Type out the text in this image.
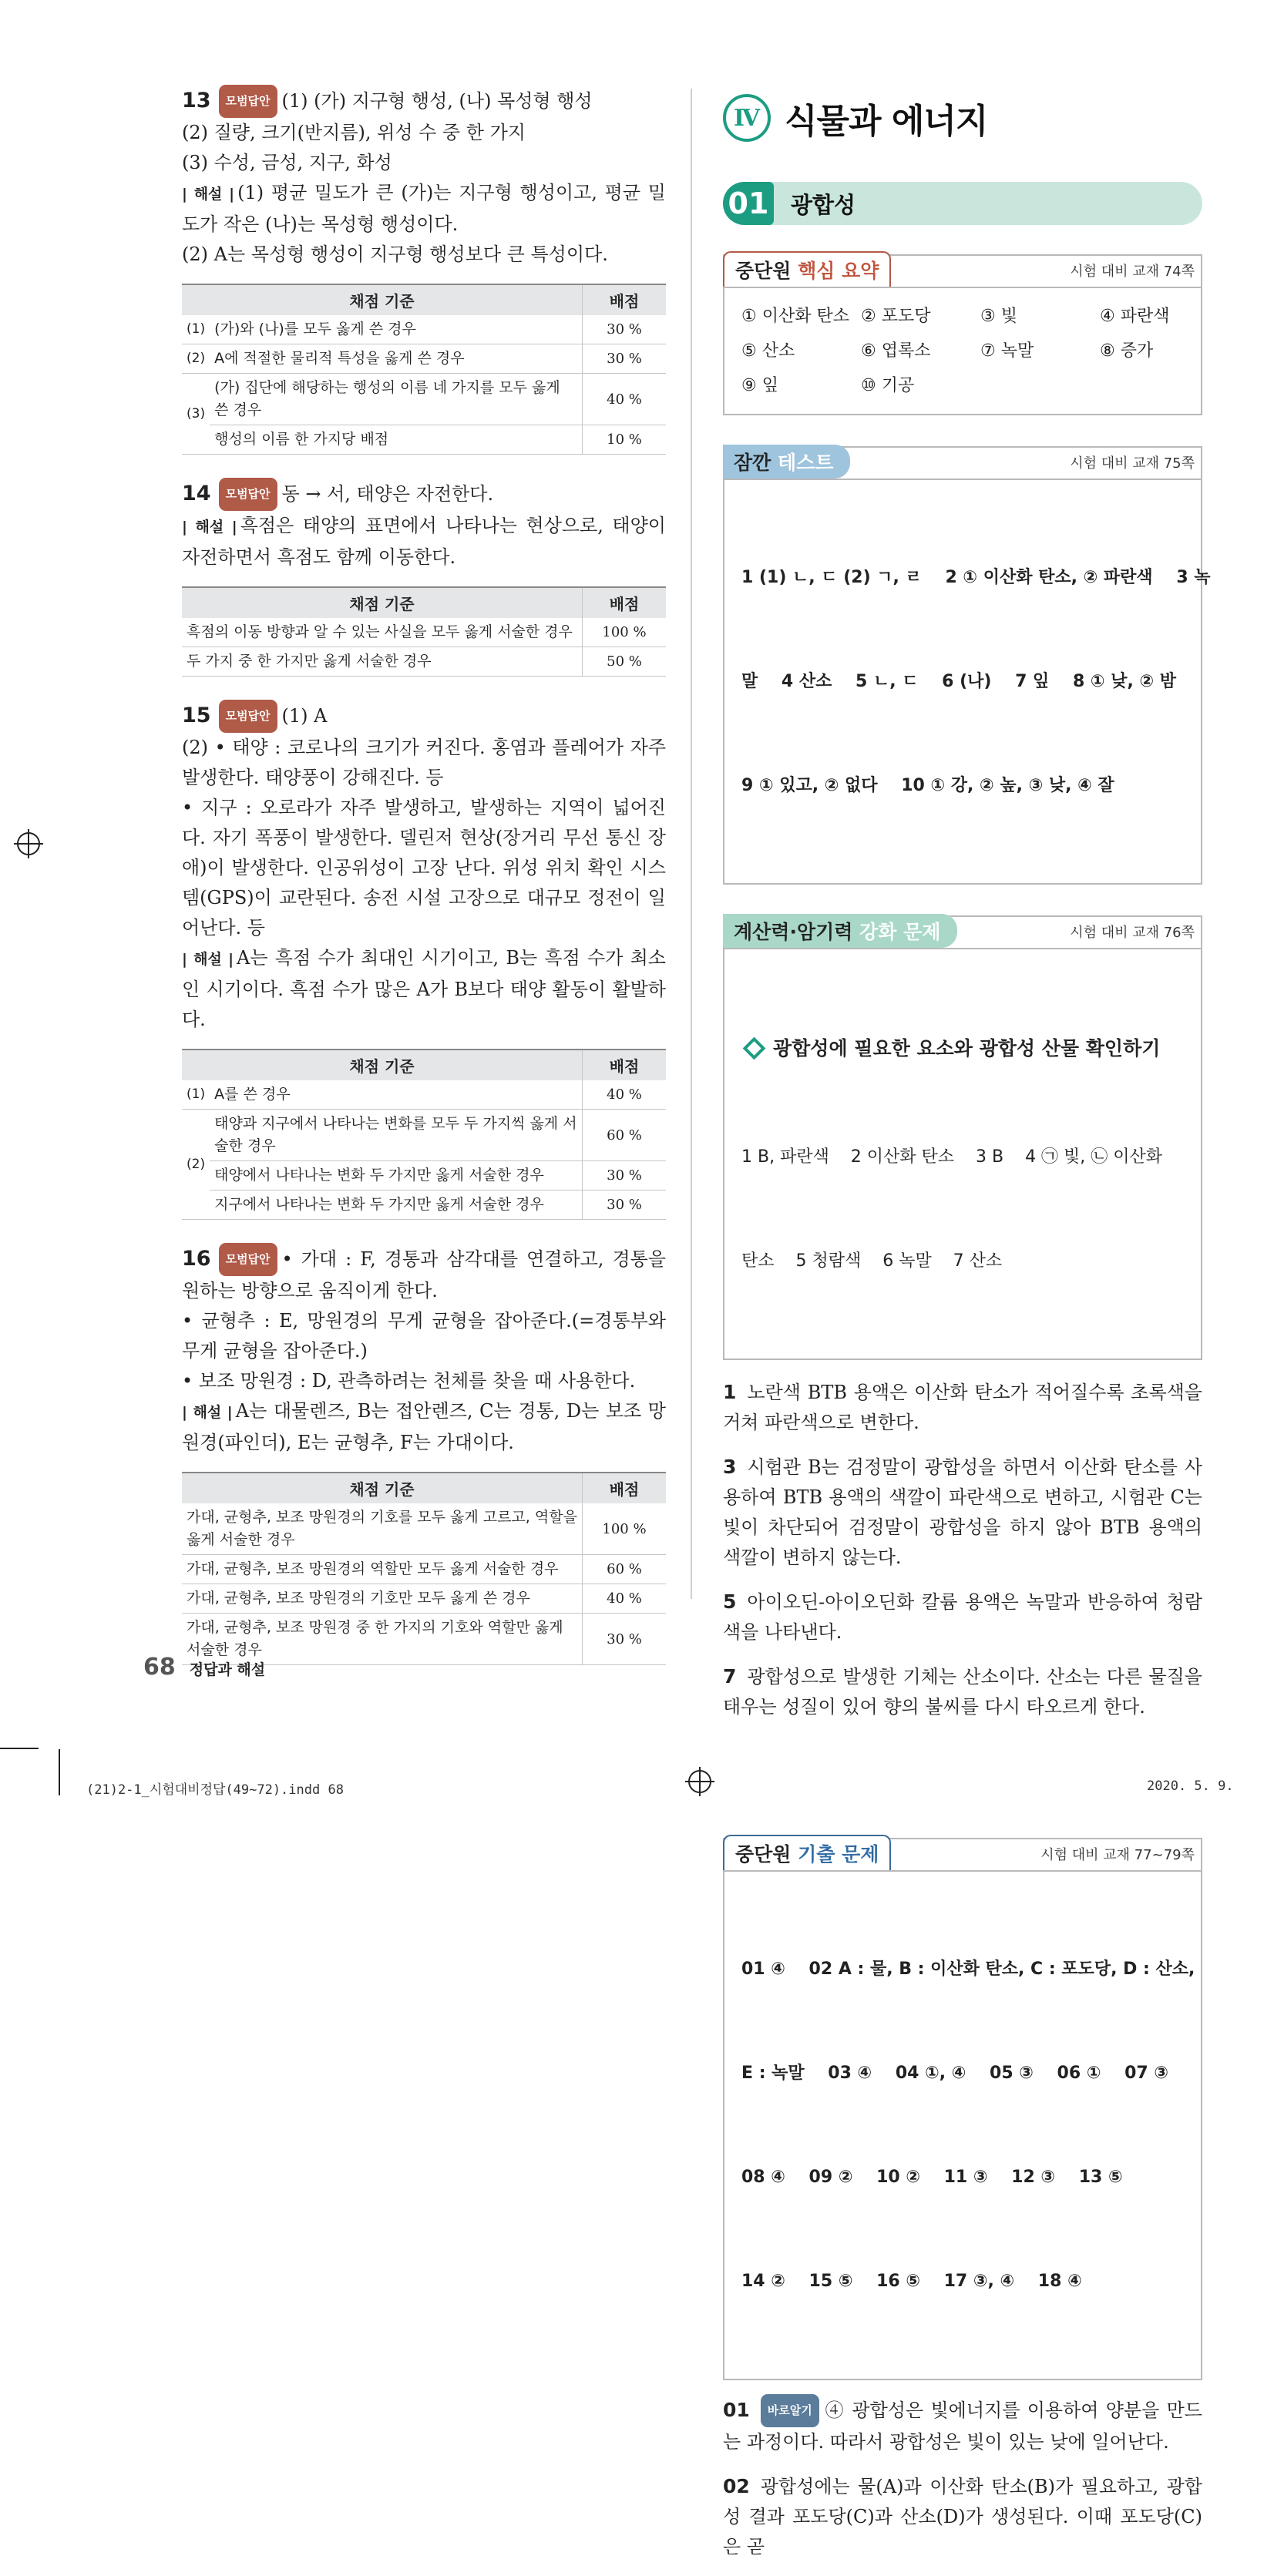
13 모범답안 (1) (가) 지구형 행성, (나) 목성형 행성

(2) 질량, 크기(반지름), 위성 수 중 한 가지

(3) 수성, 금성, 지구, 화성

| 해설 | (1) 평균 밀도가 큰 (가)는 지구형 행성이고, 평균 밀도가 작은 (나)는 목성형 행성이다.

(2) A는 목성형 행성이 지구형 행성보다 큰 특성이다.

채점 기준		배점
(1)	(가)와 (나)를 모두 옳게 쓴 경우	30 %
(2)	A에 적절한 물리적 특성을 옳게 쓴 경우	30 %
(3)	(가) 집단에 해당하는 행성의 이름 네 가지를 모두 옳게 쓴 경우	40 %
	행성의 이름 한 가지당 배점	10 %

14 모범답안 동 → 서, 태양은 자전한다.

| 해설 | 흑점은 태양의 표면에서 나타나는 현상으로, 태양이 자전하면서 흑점도 함께 이동한다.

채점 기준	배점
흑점의 이동 방향과 알 수 있는 사실을 모두 옳게 서술한 경우	100 %
두 가지 중 한 가지만 옳게 서술한 경우	50 %

15 모범답안 (1) A

(2) • 태양 : 코로나의 크기가 커진다. 홍염과 플레어가 자주 발생한다. 태양풍이 강해진다. 등

• 지구 : 오로라가 자주 발생하고, 발생하는 지역이 넓어진다. 자기 폭풍이 발생한다. 델린저 현상(장거리 무선 통신 장애)이 발생한다. 인공위성이 고장 난다. 위성 위치 확인 시스템(GPS)이 교란된다. 송전 시설 고장으로 대규모 정전이 일어난다. 등

| 해설 | A는 흑점 수가 최대인 시기이고, B는 흑점 수가 최소인 시기이다. 흑점 수가 많은 A가 B보다 태양 활동이 활발하다.

채점 기준		배점
(1)	A를 쓴 경우	40 %
(2)	태양과 지구에서 나타나는 변화를 모두 두 가지씩 옳게 서술한 경우	60 %
	태양에서 나타나는 변화 두 가지만 옳게 서술한 경우	30 %
	지구에서 나타나는 변화 두 가지만 옳게 서술한 경우	30 %

16 모범답안 • 가대 : F, 경통과 삼각대를 연결하고, 경통을 원하는 방향으로 움직이게 한다.

• 균형추 : E, 망원경의 무게 균형을 잡아준다.(=경통부와 무게 균형을 잡아준다.)

• 보조 망원경 : D, 관측하려는 천체를 찾을 때 사용한다.

| 해설 | A는 대물렌즈, B는 접안렌즈, C는 경통, D는 보조 망원경(파인더), E는 균형추, F는 가대이다.

채점 기준	배점
가대, 균형추, 보조 망원경의 기호를 모두 옳게 고르고, 역할을 옳게 서술한 경우	100 %
가대, 균형추, 보조 망원경의 역할만 모두 옳게 서술한 경우	60 %
가대, 균형추, 보조 망원경의 기호만 모두 옳게 쓴 경우	40 %
가대, 균형추, 보조 망원경 중 한 가지의 기호와 역할만 옳게 서술한 경우	30 %
Ⅳ 식물과 에너지
01 광합성
중단원 핵심 요약	시험 대비 교재 74쪽
① 이산화 탄소 ② 포도당	③ 빛	④ 파란색
⑤ 산소	⑥ 엽록소	⑦ 녹말	⑧ 증가
⑨ 잎	⑩ 기공
잠깐 테스트	시험 대비 교재 75쪽

1 (1) ㄴ, ㄷ (2) ㄱ, ㄹ    2 ① 이산화 탄소, ② 파란색    3 녹

말    4 산소    5 ㄴ, ㄷ    6 (나)    7 잎    8 ① 낮, ② 밤

9 ① 있고, ② 없다    10 ① 강, ② 높, ③ 낮, ④ 잘

계산력·암기력 강화 문제	시험 대비 교재 76쪽

광합성에 필요한 요소와 광합성 산물 확인하기

1 B, 파란색    2 이산화 탄소    3 B    4 ㉠ 빛, ㉡ 이산화

탄소    5 청람색    6 녹말    7 산소

1 노란색 BTB 용액은 이산화 탄소가 적어질수록 초록색을 거쳐 파란색으로 변한다.

3 시험관 B는 검정말이 광합성을 하면서 이산화 탄소를 사용하여 BTB 용액의 색깔이 파란색으로 변하고, 시험관 C는 빛이 차단되어 검정말이 광합성을 하지 않아 BTB 용액의 색깔이 변하지 않는다.

5 아이오딘-아이오딘화 칼륨 용액은 녹말과 반응하여 청람색을 나타낸다.

7 광합성으로 발생한 기체는 산소이다. 산소는 다른 물질을 태우는 성질이 있어 향의 불씨를 다시 타오르게 한다.

중단원 기출 문제	시험 대비 교재 77~79쪽

01 ④    02 A : 물, B : 이산화 탄소, C : 포도당, D : 산소,

E : 녹말    03 ④    04 ①, ④    05 ③    06 ①    07 ③

08 ④    09 ②    10 ②    11 ③    12 ③    13 ⑤

14 ②    15 ⑤    16 ⑤    17 ③, ④    18 ④

01 바로알기 ④ 광합성은 빛에너지를 이용하여 양분을 만드는 과정이다. 따라서 광합성은 빛이 있는 낮에 일어난다.

02 광합성에는 물(A)과 이산화 탄소(B)가 필요하고, 광합성 결과 포도당(C)과 산소(D)가 생성된다. 이때 포도당(C)은 곧

68 정답과 해설
(21)2-1_시험대비정답(49~72).indd 68	2020. 5. 9.
